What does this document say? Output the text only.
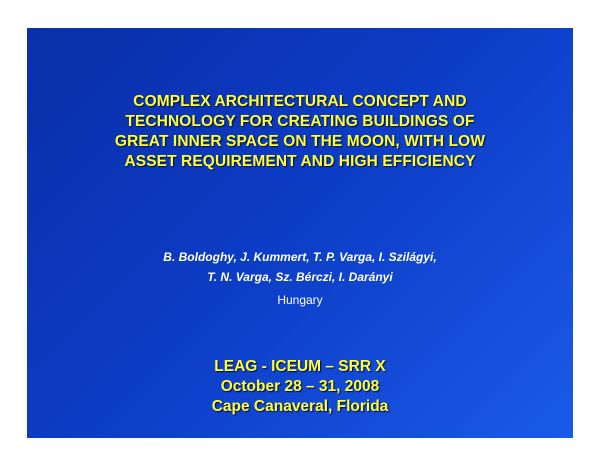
COMPLEX ARCHITECTURAL CONCEPT AND
TECHNOLOGY FOR CREATING BUILDINGS OF
GREAT INNER SPACE ON THE MOON, WITH LOW
ASSET REQUIREMENT AND HIGH EFFICIENCY
B. Boldoghy, J. Kummert, T. P. Varga, I. Szilágyi,
T. N. Varga, Sz. Bérczi, I. Darányi
Hungary
LEAG - ICEUM – SRR X
October 28 – 31, 2008
Cape Canaveral, Florida
